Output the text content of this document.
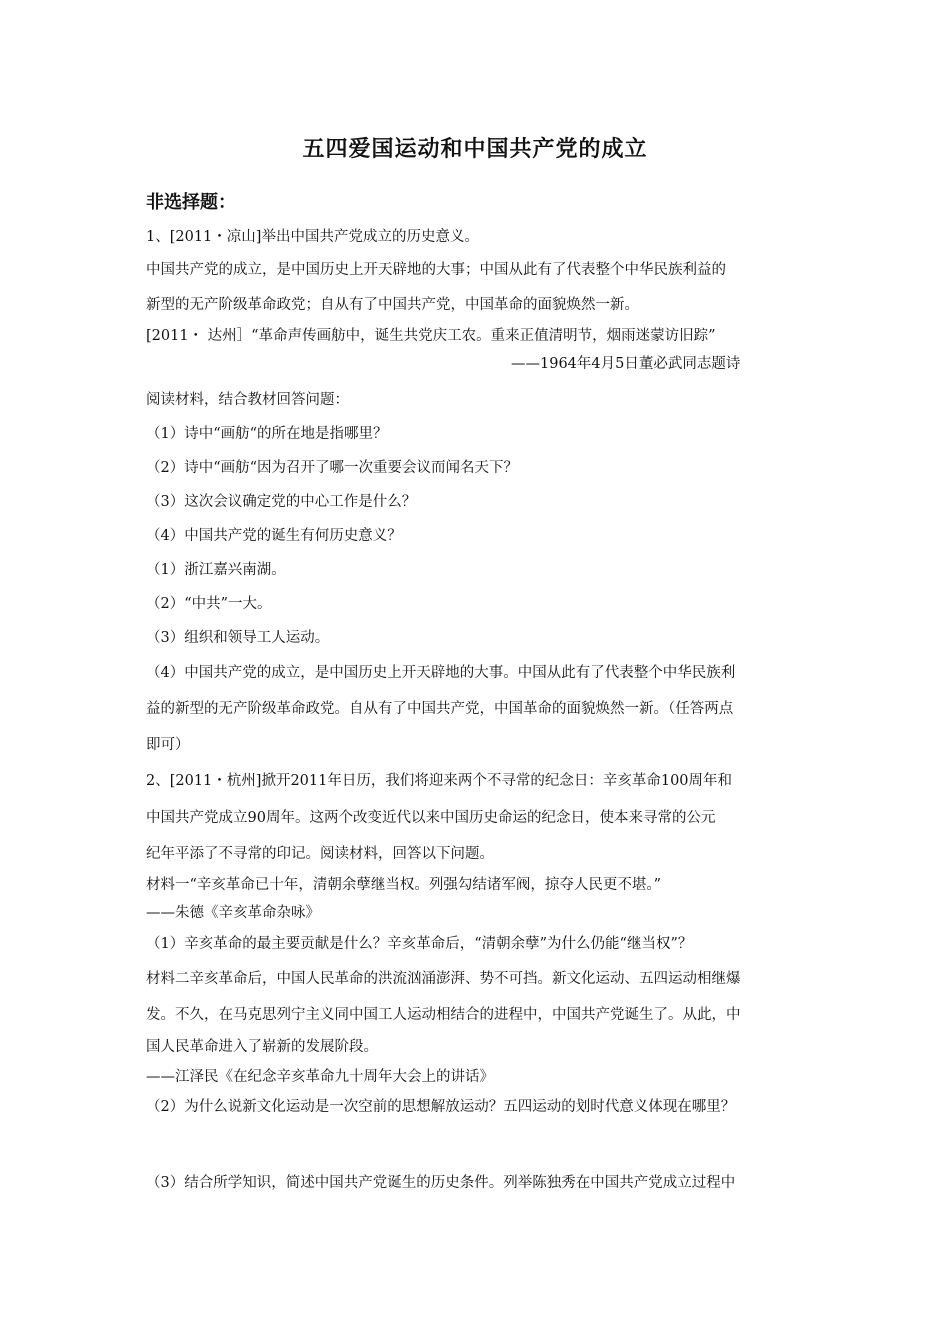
五四爱国运动和中国共产党的成立
非选择题：

1、[2011・凉山]举出中国共产党成立的历史意义。

中国共产党的成立，是中国历史上开天辟地的大事；中国从此有了代表整个中华民族利益的

新型的无产阶级革命政党；自从有了中国共产党，中国革命的面貌焕然一新。

[2011・ 达州］“革命声传画舫中，诞生共党庆工农。重来正值清明节，烟雨迷蒙访旧踪”

——1964年4月5日董必武同志题诗

阅读材料，结合教材回答问题：

（1）诗中“画舫“的所在地是指哪里？

（2）诗中“画舫“因为召开了哪一次重要会议而闻名天下？

（3）这次会议确定党的中心工作是什么？

（4）中国共产党的诞生有何历史意义？

（1）浙江嘉兴南湖。

（2）“中共”一大。

（3）组织和领导工人运动。

（4）中国共产党的成立，是中国历史上开天辟地的大事。中国从此有了代表整个中华民族利

益的新型的无产阶级革命政党。自从有了中国共产党，中国革命的面貌焕然一新。（任答两点

即可）

2、[2011・杭州]掀开2011年日历，我们将迎来两个不寻常的纪念日：辛亥革命100周年和

中国共产党成立90周年。这两个改变近代以来中国历史命运的纪念日，使本来寻常的公元

纪年平添了不寻常的印记。阅读材料，回答以下问题。

材料一“辛亥革命已十年，清朝余孽继当权。列强勾结诸军阀，掠夺人民更不堪。”

——朱德《辛亥革命杂咏》

（1）辛亥革命的最主要贡献是什么？辛亥革命后，“清朝余孽”为什么仍能“继当权”？

材料二辛亥革命后，中国人民革命的洪流汹涌澎湃、势不可挡。新文化运动、五四运动相继爆

发。不久，在马克思列宁主义同中国工人运动相结合的进程中，中国共产党诞生了。从此，中

国人民革命进入了崭新的发展阶段。

——江泽民《在纪念辛亥革命九十周年大会上的讲话》

（2）为什么说新文化运动是一次空前的思想解放运动？五四运动的划时代意义体现在哪里？

（3）结合所学知识，简述中国共产党诞生的历史条件。列举陈独秀在中国共产党成立过程中
